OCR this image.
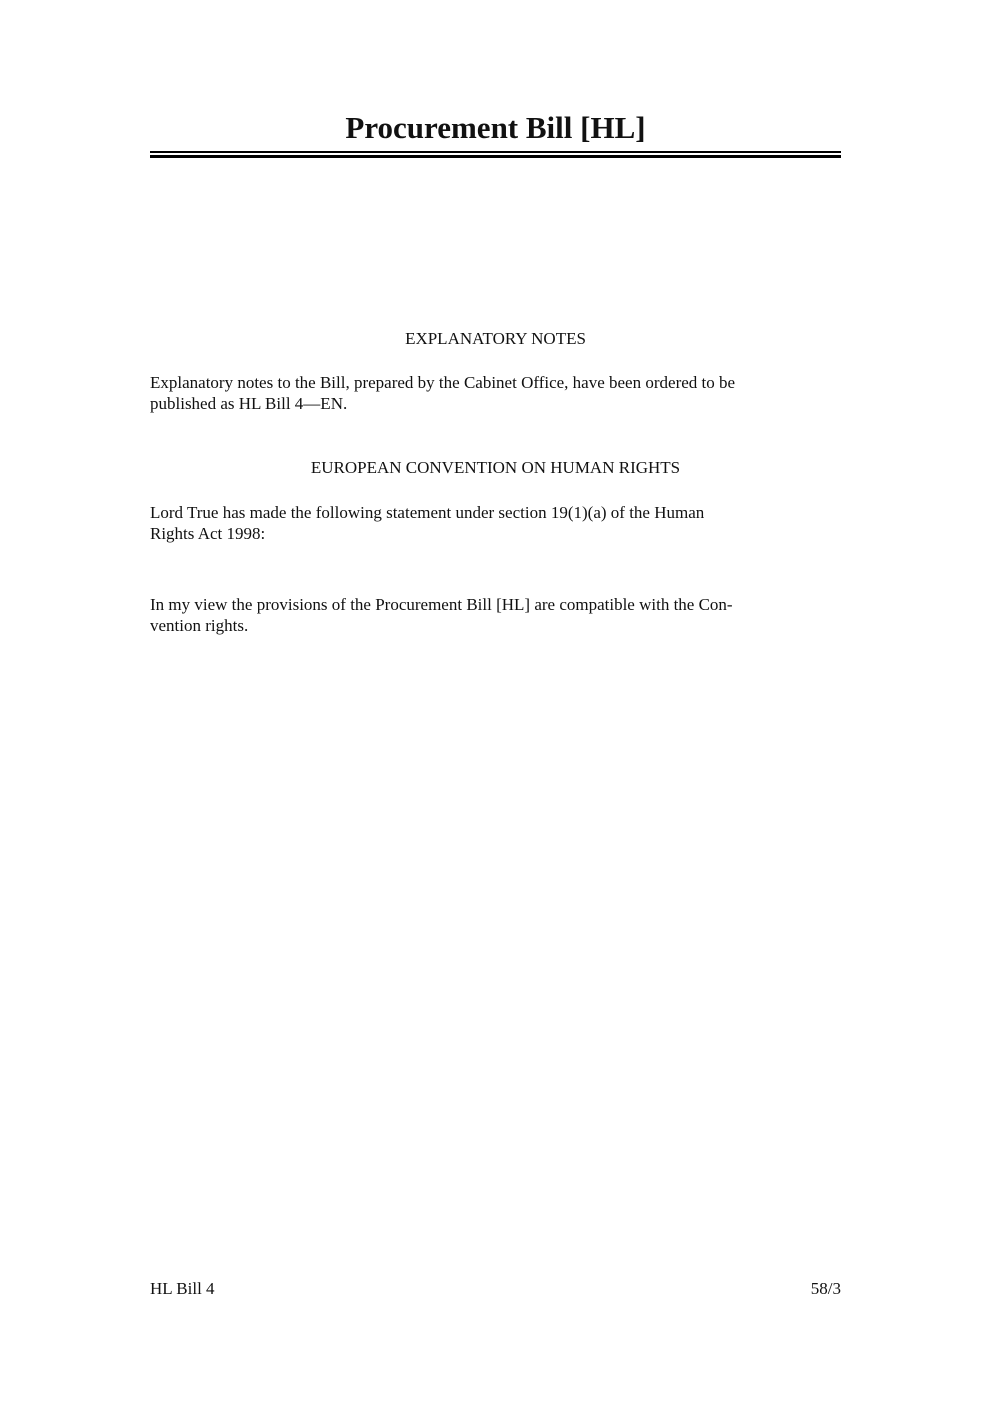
Procurement Bill [HL]
EXPLANATORY NOTES
Explanatory notes to the Bill, prepared by the Cabinet Office, have been ordered to be
published as HL Bill 4—EN.
EUROPEAN CONVENTION ON HUMAN RIGHTS
Lord True has made the following statement under section 19(1)(a) of the Human
Rights Act 1998:
In my view the provisions of the Procurement Bill [HL] are compatible with the Con-
vention rights.
HL Bill 4	58/3
